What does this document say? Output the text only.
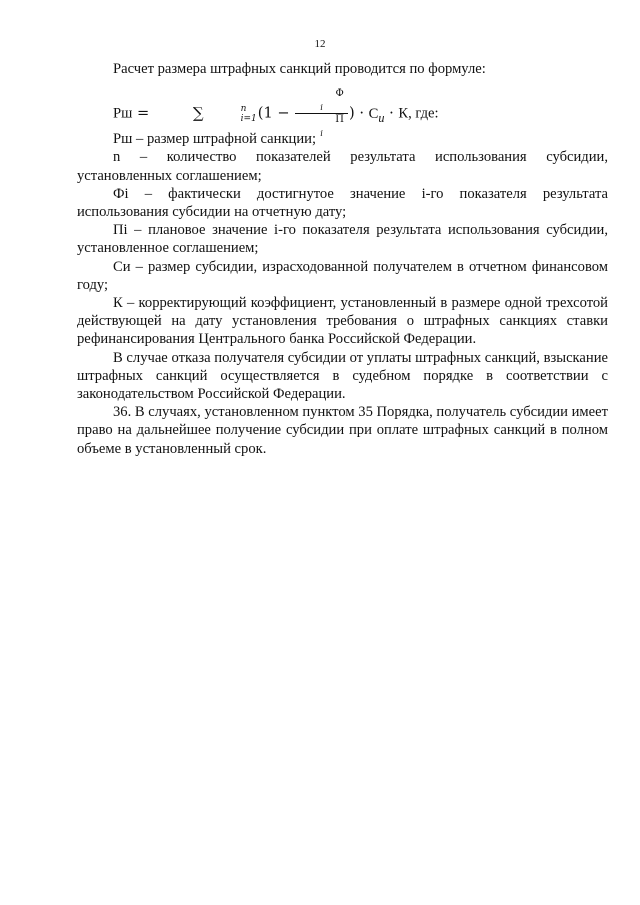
12

Расчет размера штрафных санкций проводится по формуле:

Рш =	∑	n
i=1 (1 − Ф
$_i$
П
$_i$ ) · $С_и \cdot К$, где:

Рш – размер штрафной санкции;

n – количество показателей результата использования субсидии, установленных соглашением;

Фi – фактически достигнутое значение i-го показателя результата использования субсидии на отчетную дату;

Пi – плановое значение i-го показателя результата использования субсидии, установленное соглашением;

Си – размер субсидии, израсходованной получателем в отчетном финансовом году;

К – корректирующий коэффициент, установленный в размере одной трехсотой действующей на дату установления требования о штрафных санкциях ставки рефинансирования Центрального банка Российской Федерации.

В случае отказа получателя субсидии от уплаты штрафных санкций, взыскание штрафных санкций осуществляется в судебном порядке в соответствии с законодательством Российской Федерации.

36. В случаях, установленном пунктом 35 Порядка, получатель субсидии имеет право на дальнейшее получение субсидии при оплате штрафных санкций в полном объеме в установленный срок.
